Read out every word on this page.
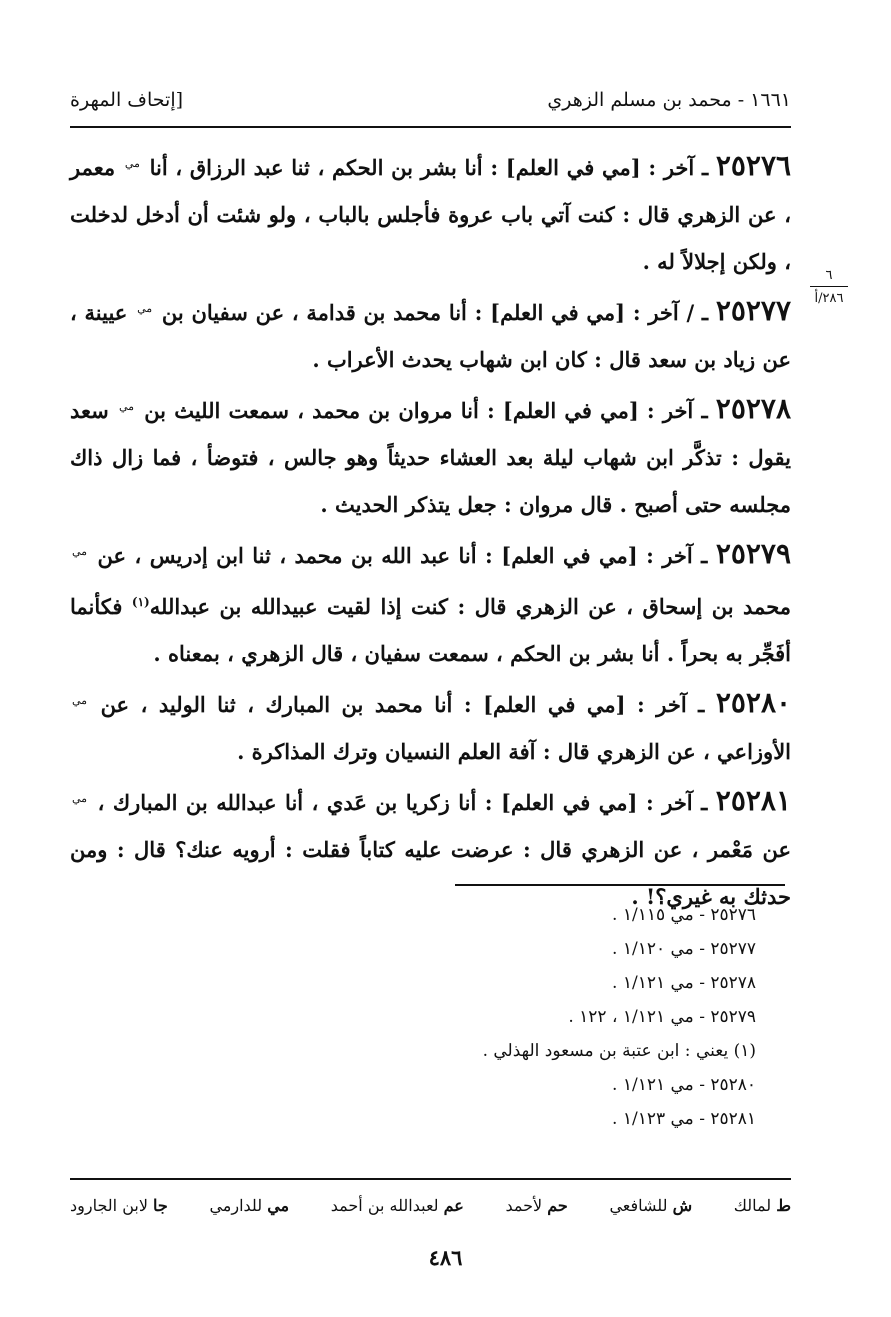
١٦٦١ - محمد بن مسلم الزهري
[إتحاف المهرة
٦
٢٨٦/أ

٢٥٢٧٦ ـ آخر : [مي في العلم] : أنا بشر بن الحكم ، ثنا عبد الرزاق ، أنا $^{مي}$ معمر ، عن الزهري قال : كنت آتي باب عروة فأجلس بالباب ، ولو شئت أن أدخل لدخلت ، ولكن إجلالاً له .

٢٥٢٧٧ ـ / آخر : [مي في العلم] : أنا محمد بن قدامة ، عن سفيان بن $^{مي}$ عيينة ، عن زياد بن سعد قال : كان ابن شهاب يحدث الأعراب .

٢٥٢٧٨ ـ آخر : [مي في العلم] : أنا مروان بن محمد ، سمعت الليث بن $^{مي}$ سعد يقول : تذكَّر ابن شهاب ليلة بعد العشاء حديثاً وهو جالس ، فتوضأ ، فما زال ذاك مجلسه حتى أصبح . قال مروان : جعل يتذكر الحديث .

٢٥٢٧٩ ـ آخر : [مي في العلم] : أنا عبد الله بن محمد ، ثنا ابن إدريس ، عن $^{مي}$ محمد بن إسحاق ، عن الزهري قال : كنت إذا لقيت عبيدالله بن عبدالله$^{(١)}$ فكأنما أفَجِّر به بحراً . أنا بشر بن الحكم ، سمعت سفيان ، قال الزهري ، بمعناه .

٢٥٢٨٠ ـ آخر : [مي في العلم] : أنا محمد بن المبارك ، ثنا الوليد ، عن $^{مي}$ الأوزاعي ، عن الزهري قال : آفة العلم النسيان وترك المذاكرة .

٢٥٢٨١ ـ آخر : [مي في العلم] : أنا زكريا بن عَدي ، أنا عبدالله بن المبارك ، $^{مي}$ عن مَعْمر ، عن الزهري قال : عرضت عليه كتاباً فقلت : أرويه عنك؟ قال : ومن حدثك به غيري؟! .

٢٥٢٧٦ - مي ١/١١٥ .
٢٥٢٧٧ - مي ١/١٢٠ .
٢٥٢٧٨ - مي ١/١٢١ .
٢٥٢٧٩ - مي ١/١٢١ ، ١٢٢ .
(١) يعني : ابن عتبة بن مسعود الهذلي .
٢٥٢٨٠ - مي ١/١٢١ .
٢٥٢٨١ - مي ١/١٢٣ .
ط لمالك
ش للشافعي
حم لأحمد
عم لعبدالله بن أحمد
مي للدارمي
جا لابن الجارود
٤٨٦
